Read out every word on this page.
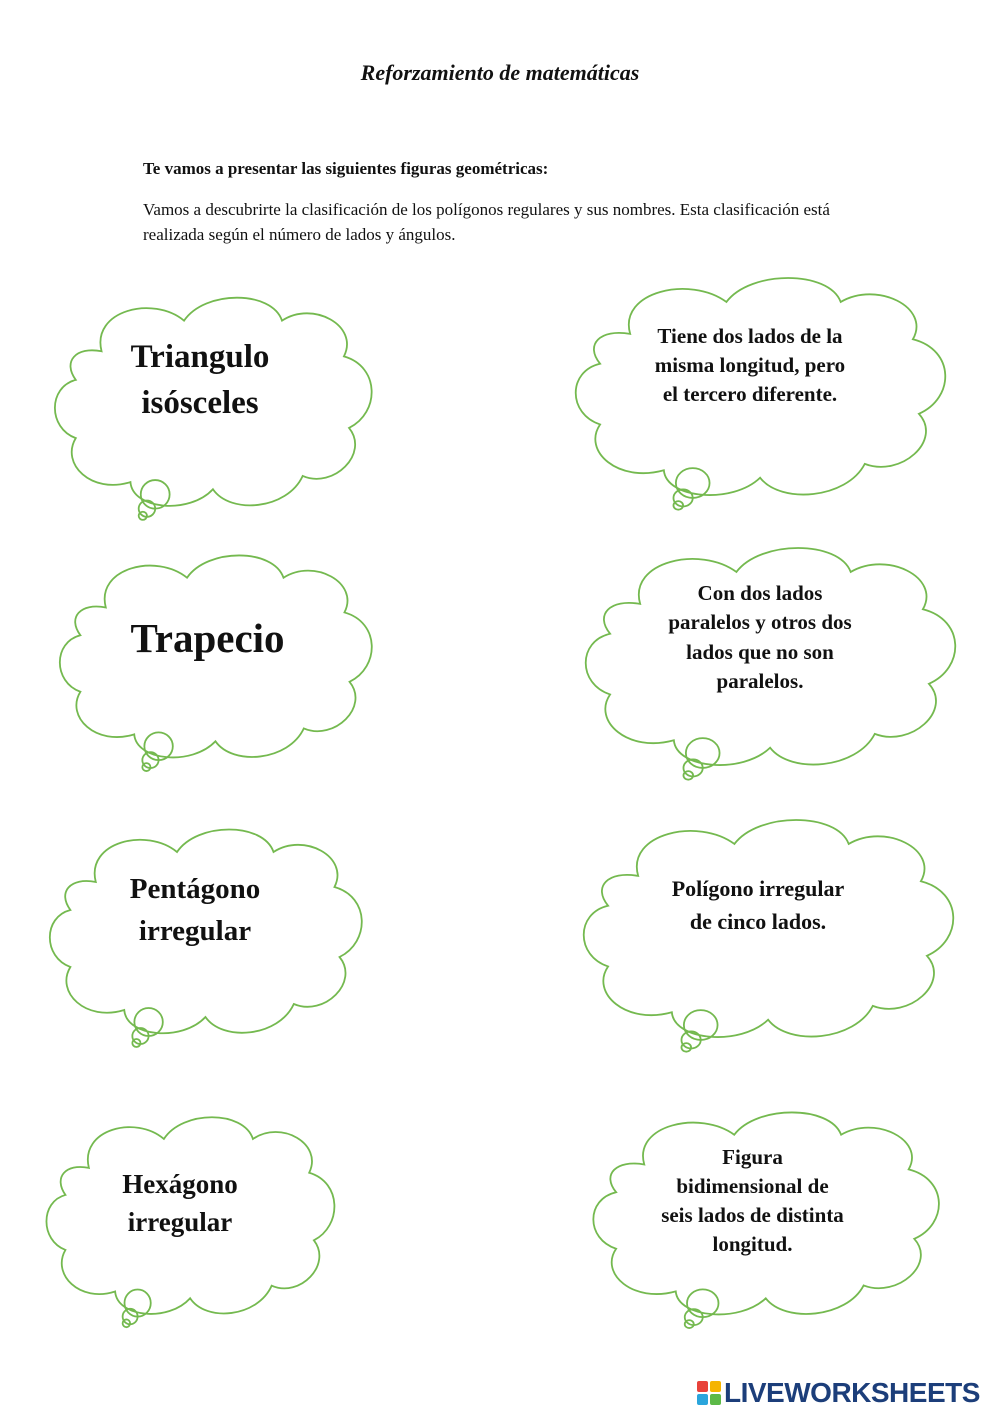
Reforzamiento de matemáticas
Te vamos a presentar las siguientes figuras geométricas:
Vamos a descubrirte la clasificación de los polígonos regulares y sus nombres. Esta clasificación está realizada según el número de lados y ángulos.
Triangulo
isósceles
Tiene dos lados de la
misma longitud, pero
el tercero diferente.
Trapecio
Con dos lados
paralelos y otros dos
lados que no son
paralelos.
Pentágono
irregular
Polígono irregular
de cinco lados.
Hexágono
irregular
Figura
bidimensional de
seis lados de distinta
longitud.
LIVEWORKSHEETS
